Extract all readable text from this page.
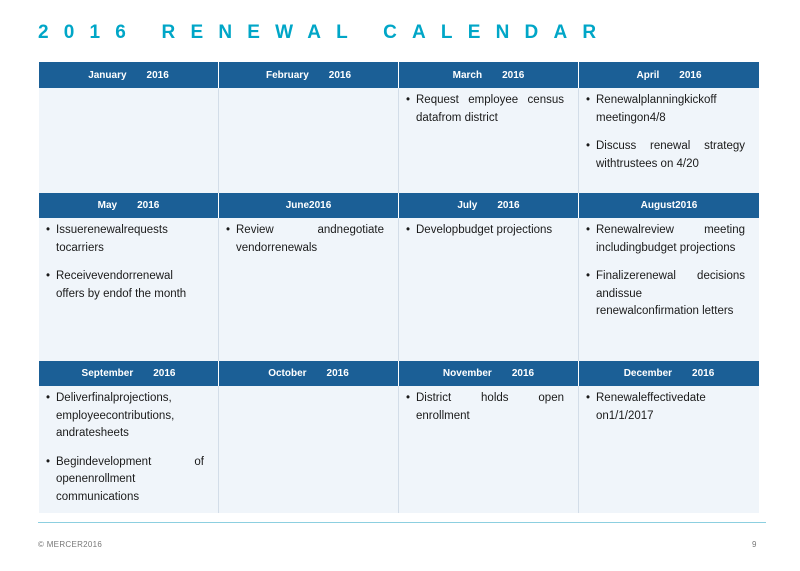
2016 RENEWAL CALENDAR
January 2016	February 2016	March 2016	April 2016
• Request employee census datafrom district
• Renewalplanningkickoff meetingon4/8
• Discuss renewal strategy withtrustees on 4/20
May 2016	June 2016	July 2016	August 2016
• Issuerenewalrequests tocarriers
• Receivevendorrenewal offers by endof the month
• Review andnegotiate vendorrenewals
• Developbudget projections
•	Renewalreview meeting includingbudget projections
• Finalizerenewal decisions andissue renewalconfirmation letters
September 2016	October 2016	November 2016	December 2016
• Deliverfinalprojections, employeecontributions, andratesheets
• Begindevelopment of openenrollment communications
• District holds open enrollment
• Renewaleffectivedate on1/1/2017
© MERCER2016	9
